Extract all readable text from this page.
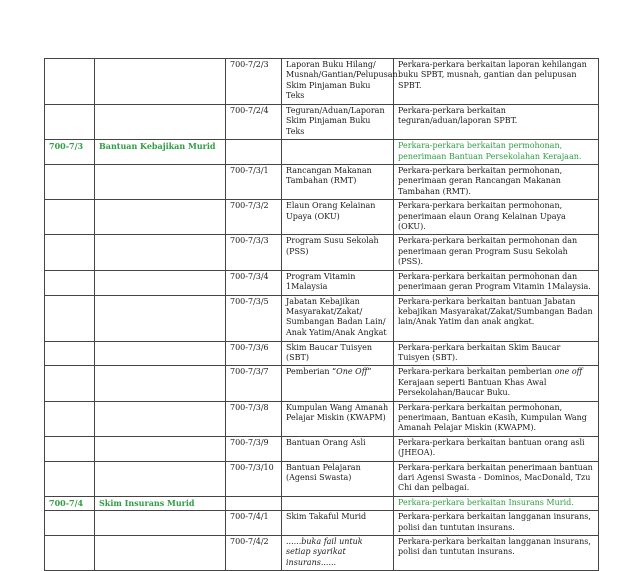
		700-7/2/3	Laporan Buku Hilang/ Musnah/Gantian/Pelupusan Skim Pinjaman Buku Teks	Perkara-perkara berkaitan laporan kehilangan buku SPBT, musnah, gantian dan pelupusan SPBT.
		700-7/2/4	Teguran/Aduan/Laporan Skim Pinjaman Buku Teks	Perkara-perkara berkaitan teguran/aduan/laporan SPBT.
700-7/3	Bantuan Kebajikan Murid			Perkara-perkara berkaitan permohonan, penerimaan Bantuan Persekolahan Kerajaan.
		700-7/3/1	Rancangan Makanan Tambahan (RMT)	Perkara-perkara berkaitan permohonan, penerimaan geran Rancangan Makanan Tambahan (RMT).
		700-7/3/2	Elaun Orang Kelainan Upaya (OKU)	Perkara-perkara berkaitan permohonan, penerimaan elaun Orang Kelainan Upaya (OKU).
		700-7/3/3	Program Susu Sekolah (PSS)	Perkara-perkara berkaitan permohonan dan penerimaan geran Program Susu Sekolah (PSS).
		700-7/3/4	Program Vitamin 1Malaysia	Perkara-perkara berkaitan permohonan dan penerimaan geran Program Vitamin 1Malaysia.
		700-7/3/5	Jabatan Kebajikan Masyarakat/Zakat/ Sumbangan Badan Lain/ Anak Yatim/Anak Angkat	Perkara-perkara berkaitan bantuan Jabatan kebajikan Masyarakat/Zakat/Sumbangan Badan lain/Anak Yatim dan anak angkat.
		700-7/3/6	Skim Baucar Tuisyen (SBT)	Perkara-perkara berkaitan Skim Baucar Tuisyen (SBT).
		700-7/3/7	Pemberian “One Off”	Perkara-perkara berkaitan pemberian one off Kerajaan seperti Bantuan Khas Awal Persekolahan/Baucar Buku.
		700-7/3/8	Kumpulan Wang Amanah Pelajar Miskin (KWAPM)	Perkara-perkara berkaitan permohonan, penerimaan, Bantuan eKasih, Kumpulan Wang Amanah Pelajar Miskin (KWAPM).
		700-7/3/9	Bantuan Orang Asli	Perkara-perkara berkaitan bantuan orang asli (JHEOA).
		700-7/3/10	Bantuan Pelajaran (Agensi Swasta)	Perkara-perkara berkaitan penerimaan bantuan dari Agensi Swasta - Dominos, MacDonald, Tzu Chi dan pelbagai.
700-7/4	Skim Insurans Murid			Perkara-perkara berkaitan Insurans Murid.
		700-7/4/1	Skim Takaful Murid	Perkara-perkara berkaitan langganan insurans, polisi dan tuntutan insurans.
		700-7/4/2	......buka fail untuk setiap syarikat insurans......	Perkara-perkara berkaitan langganan insurans, polisi dan tuntutan insurans.
